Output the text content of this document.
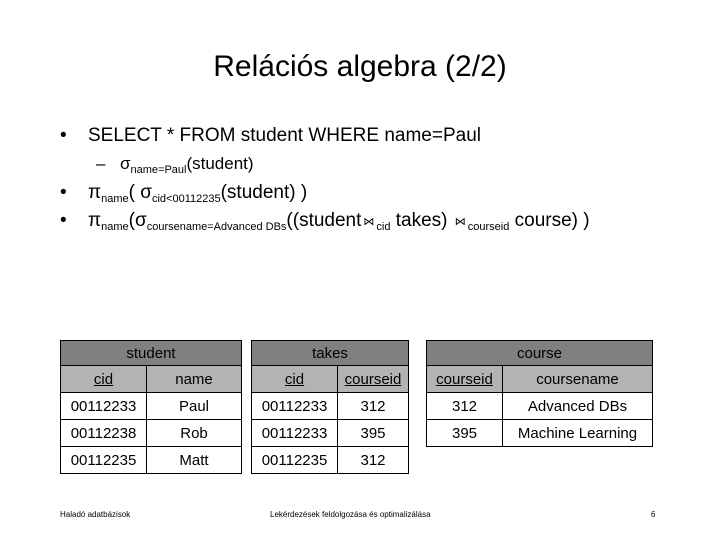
Relációs algebra (2/2)
• SELECT * FROM student WHERE name=Paul
– $\sigma_{name=Paul}(student)$
• $\pi_{name}$( $\sigma_{cid<00112235}(student)$ )
• $\pi_{name}(\sigma_{coursename=Advanced DBs}((student$ ⋈ $_{cid}$ takes) ⋈ $_{courseid}$ course) )
student	
cid	name
00112233	Paul
00112238	Rob
00112235	Matt
takes	
cid	courseid
00112233	312
00112233	395
00112235	312
course	
courseid	coursename
312	Advanced DBs
395	Machine Learning
Haladó adatbázisok	Lekérdezések feldolgozása és optimalizálása	6
